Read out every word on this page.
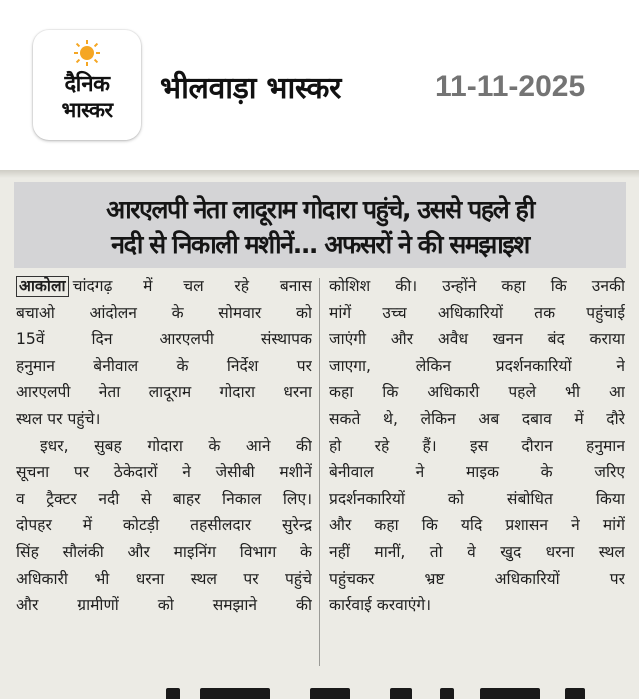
दैनिक
भास्कर
भीलवाड़ा भास्कर	11-11-2025
आरएलपी नेता लादूराम गोदारा पहुंचे, उससे पहले ही
नदी से निकाली मशीनें... अफसरों ने की समझाइश
आकोला चांदगढ़ में चल रहे बनास
बचाओ आंदोलन के सोमवार को
15वें दिन आरएलपी संस्थापक
हनुमान बेनीवाल के निर्देश पर
आरएलपी नेता लादूराम गोदारा धरना
स्थल पर पहुंचे।
इधर, सुबह गोदारा के आने की
सूचना पर ठेकेदारों ने जेसीबी मशीनें
व ट्रैक्टर नदी से बाहर निकाल लिए।
दोपहर में कोटड़ी तहसीलदार सुरेन्द्र
सिंह सौलंकी और माइनिंग विभाग के
अधिकारी भी धरना स्थल पर पहुंचे
और ग्रामीणों को समझाने की
कोशिश की। उन्होंने कहा कि उनकी
मांगें उच्च अधिकारियों तक पहुंचाई
जाएंगी और अवैध खनन बंद कराया
जाएगा, लेकिन प्रदर्शनकारियों ने
कहा कि अधिकारी पहले भी आ
सकते थे, लेकिन अब दबाव में दौरे
हो रहे हैं। इस दौरान हनुमान
बेनीवाल ने माइक के जरिए
प्रदर्शनकारियों को संबोधित किया
और कहा कि यदि प्रशासन ने मांगें
नहीं मानीं, तो वे खुद धरना स्थल
पहुंचकर भ्रष्ट अधिकारियों पर
कार्रवाई करवाएंगे।
